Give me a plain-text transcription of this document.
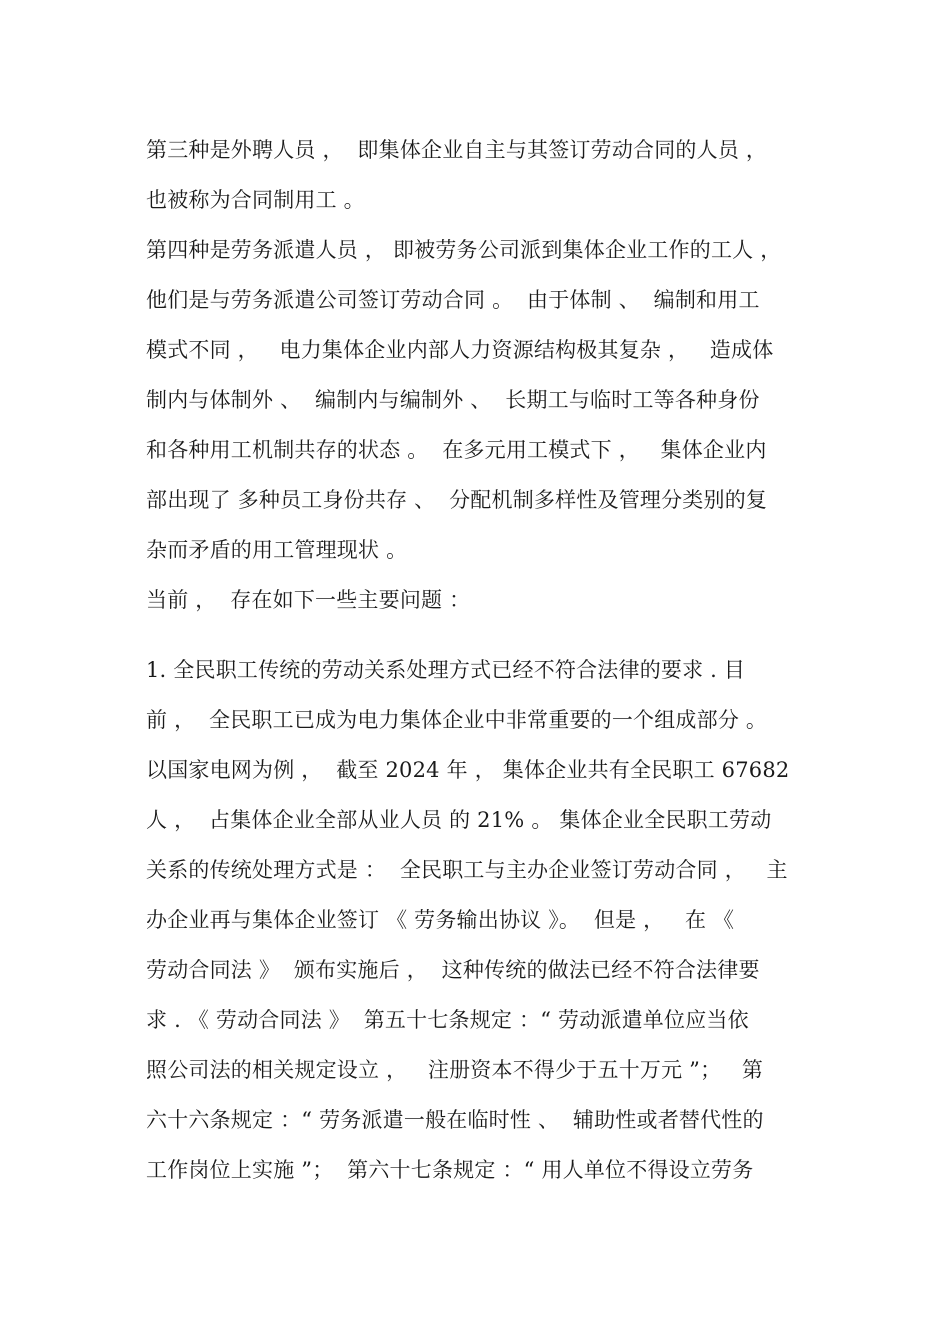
第三种是外聘人员 ，  即集体企业自主与其签订劳动合同的人员 ，
也被称为合同制用工 。
第四种是劳务派遣人员 ， 即被劳务公司派到集体企业工作的工人 ，
他们是与劳务派遣公司签订劳动合同 。  由于体制 、  编制和用工
模式不同 ，   电力集体企业内部人力资源结构极其复杂 ，   造成体
制内与体制外 、  编制内与编制外 、  长期工与临时工等各种身份
和各种用工机制共存的状态 。  在多元用工模式下 ，   集体企业内
部出现了 多种员工身份共存 、  分配机制多样性及管理分类别的复
杂而矛盾的用工管理现状 。
当前 ，  存在如下一些主要问题 ：
1. 全民职工传统的劳动关系处理方式已经不符合法律的要求 . 目
前 ，  全民职工已成为电力集体企业中非常重要的一个组成部分 。
以国家电网为例 ，  截至 2024 年 ， 集体企业共有全民职工 67682
人 ，  占集体企业全部从业人员 的 21% 。 集体企业全民职工劳动
关系的传统处理方式是 ：  全民职工与主办企业签订劳动合同 ，   主
办企业再与集体企业签订 《 劳务输出协议 》。  但是 ，   在 《
劳动合同法 》  颁布实施后 ，  这种传统的做法已经不符合法律要
求 . 《 劳动合同法 》  第五十七条规定 ：“ 劳动派遣单位应当依
照公司法的相关规定设立 ，   注册资本不得少于五十万元 ”；   第
六十六条规定 ：“ 劳务派遣一般在临时性 、  辅助性或者替代性的
工作岗位上实施 ”；  第六十七条规定 ：“ 用人单位不得设立劳务
